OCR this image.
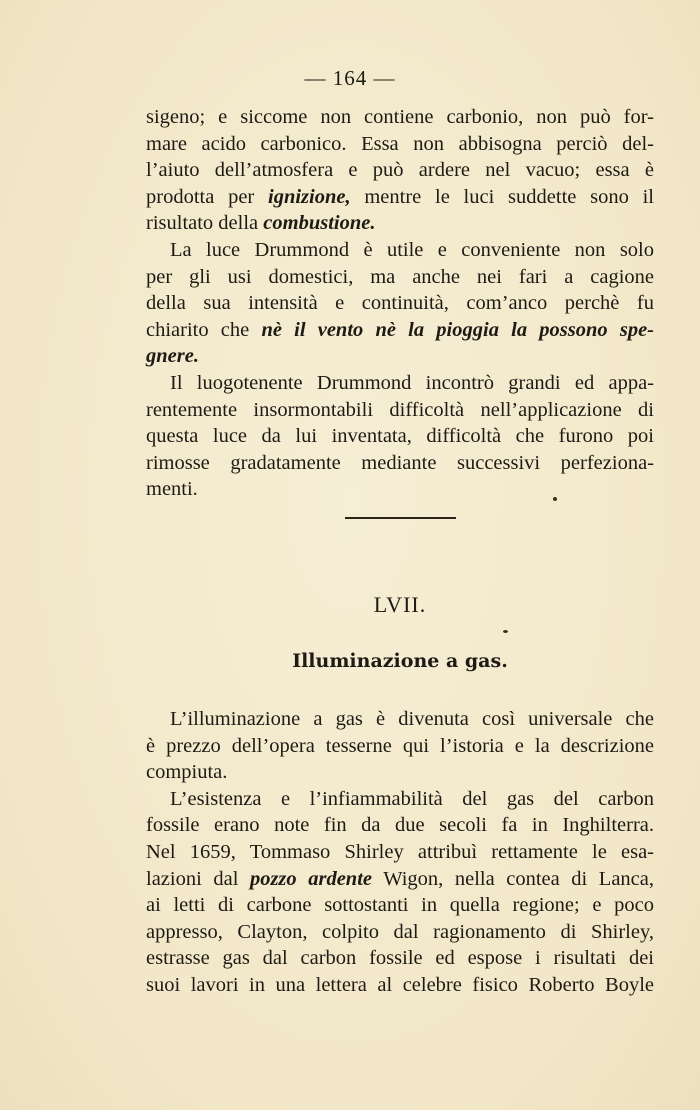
— 164 —

sigeno; e siccome non contiene carbonio, non può for-
mare acido carbonico. Essa non abbisogna perciò del-
l’aiuto dell’atmosfera e può ardere nel vacuo; essa è
prodotta per ignizione, mentre le luci suddette sono il
risultato della combustione.

La luce Drummond è utile e conveniente non solo
per gli usi domestici, ma anche nei fari a cagione
della sua intensità e continuità, com’anco perchè fu
chiarito che nè il vento nè la pioggia la possono spe-
gnere.

Il luogotenente Drummond incontrò grandi ed appa-
rentemente insormontabili difficoltà nell’applicazione di
questa luce da lui inventata, difficoltà che furono poi
rimosse gradatamente mediante successivi perfeziona-
menti.

LVII.
Illuminazione a gas.

L’illuminazione a gas è divenuta così universale che
è prezzo dell’opera tesserne qui l’istoria e la descrizione
compiuta.

L’esistenza e l’infiammabilità del gas del carbon
fossile erano note fin da due secoli fa in Inghilterra.
Nel 1659, Tommaso Shirley attribuì rettamente le esa-
lazioni dal pozzo ardente Wigon, nella contea di Lanca,
ai letti di carbone sottostanti in quella regione; e poco
appresso, Clayton, colpito dal ragionamento di Shirley,
estrasse gas dal carbon fossile ed espose i risultati dei
suoi lavori in una lettera al celebre fisico Roberto Boyle
